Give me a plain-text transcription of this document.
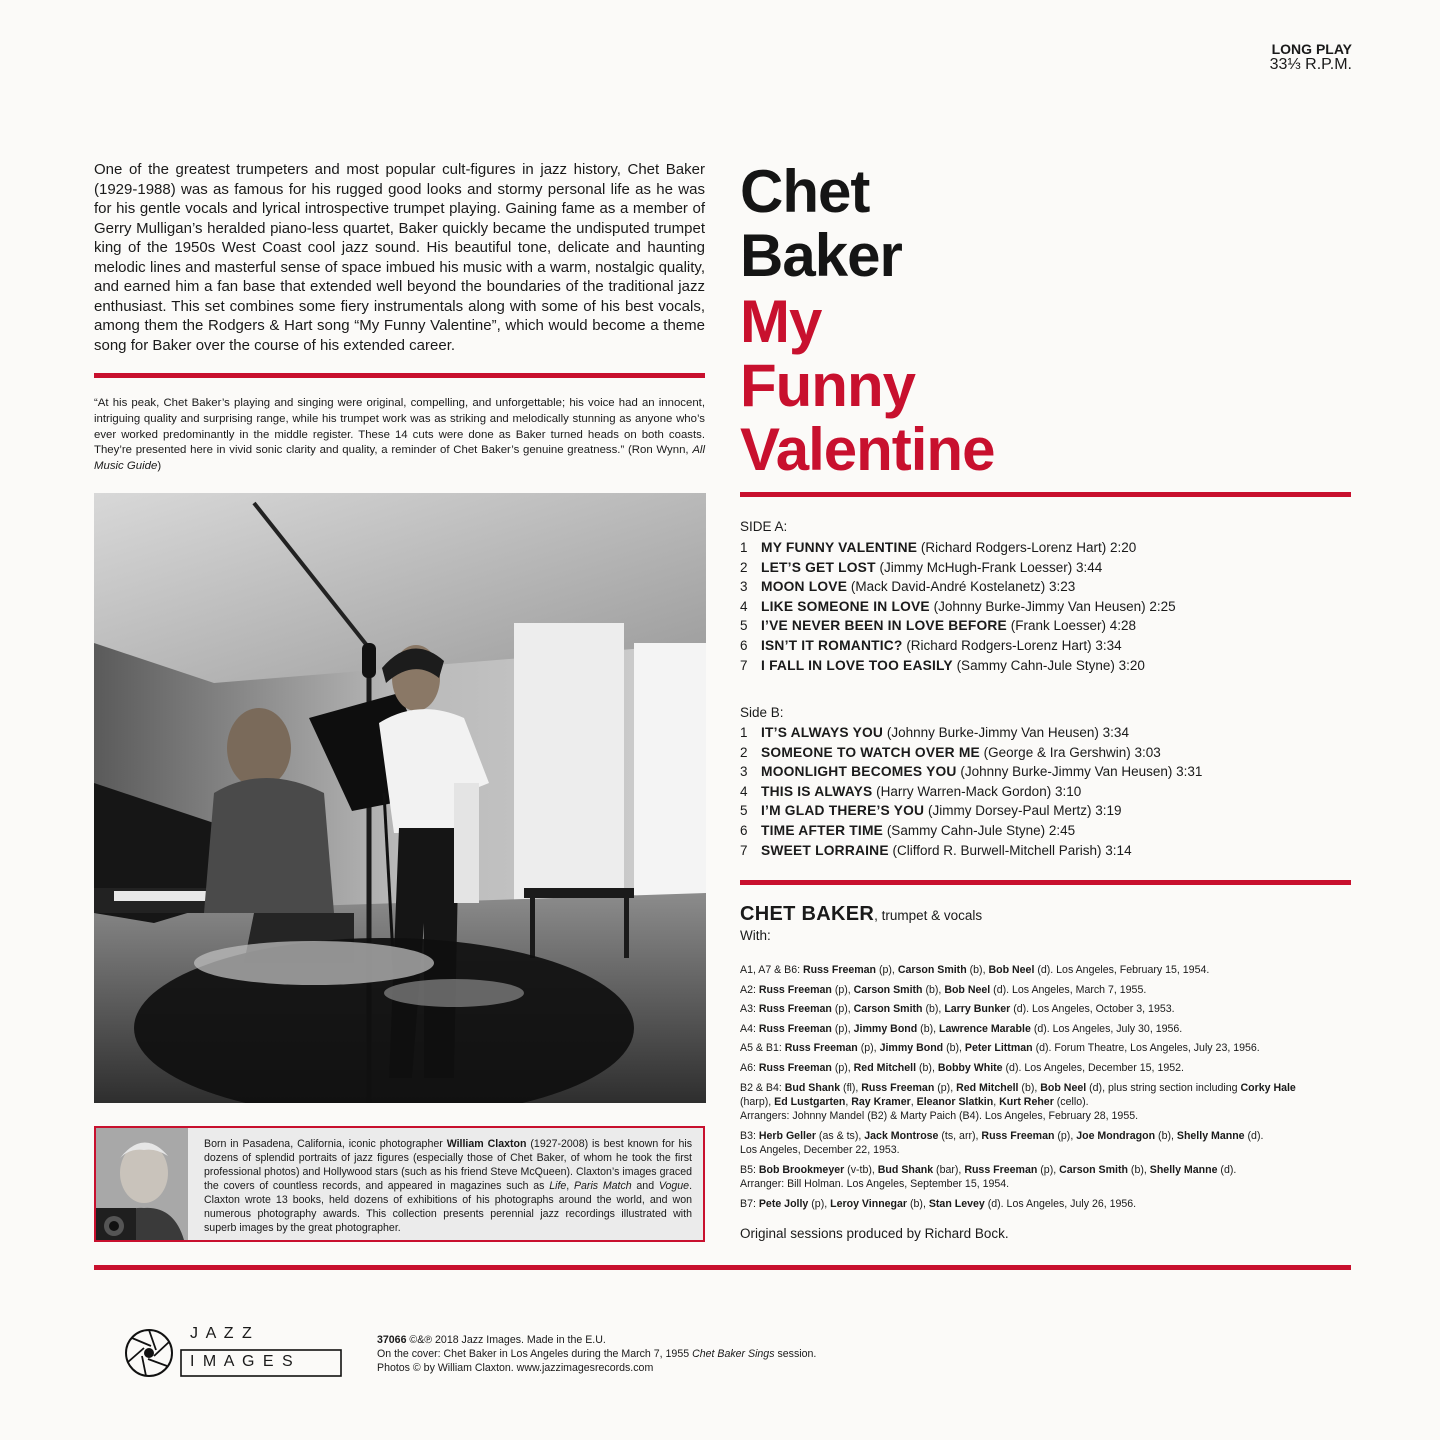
LONG PLAY
33⅓ R.P.M.

One of the greatest trumpeters and most popular cult-figures in jazz history, Chet Baker (1929-1988) was as famous for his rugged good looks and stormy personal life as he was for his gentle vocals and lyrical introspective trumpet playing. Gaining fame as a member of Gerry Mulligan’s heralded piano-less quartet, Baker quickly became the undisputed trumpet king of the 1950s West Coast cool jazz sound. His beautiful tone, delicate and haunting melodic lines and masterful sense of space imbued his music with a warm, nostalgic quality, and earned him a fan base that extended well beyond the boundaries of the traditional jazz enthusiast. This set combines some fiery instrumentals along with some of his best vocals, among them the Rodgers & Hart song “My Funny Valentine”, which would become a theme song for Baker over the course of his extended career.

“At his peak, Chet Baker’s playing and singing were original, compelling, and unforgettable; his voice had an innocent, intriguing quality and surprising range, while his trumpet work was as striking and melodically stunning as anyone who’s ever worked predominantly in the middle register. These 14 cuts were done as Baker turned heads on both coasts. They’re presented here in vivid sonic clarity and quality, a reminder of Chet Baker’s genuine greatness.” (Ron Wynn, All Music Guide)

Born in Pasadena, California, iconic photographer William Claxton (1927-2008) is best known for his dozens of splendid portraits of jazz figures (especially those of Chet Baker, of whom he took the first professional photos) and Hollywood stars (such as his friend Steve McQueen). Claxton’s images graced the covers of countless records, and appeared in magazines such as Life, Paris Match and Vogue. Claxton wrote 13 books, held dozens of exhibitions of his photographs around the world, and won numerous photography awards. This collection presents perennial jazz recordings illustrated with superb images by the great photographer.

Chet
Baker
My
Funny
Valentine
SIDE A:
1 MY FUNNY VALENTINE (Richard Rodgers-Lorenz Hart) 2:20
2 LET’S GET LOST (Jimmy McHugh-Frank Loesser) 3:44
3 MOON LOVE (Mack David-André Kostelanetz) 3:23
4 LIKE SOMEONE IN LOVE (Johnny Burke-Jimmy Van Heusen) 2:25
5 I’VE NEVER BEEN IN LOVE BEFORE (Frank Loesser) 4:28
6 ISN’T IT ROMANTIC? (Richard Rodgers-Lorenz Hart) 3:34
7 I FALL IN LOVE TOO EASILY (Sammy Cahn-Jule Styne) 3:20
Side B:
1 IT’S ALWAYS YOU (Johnny Burke-Jimmy Van Heusen) 3:34
2 SOMEONE TO WATCH OVER ME (George & Ira Gershwin) 3:03
3 MOONLIGHT BECOMES YOU (Johnny Burke-Jimmy Van Heusen) 3:31
4 THIS IS ALWAYS (Harry Warren-Mack Gordon) 3:10
5 I’M GLAD THERE’S YOU (Jimmy Dorsey-Paul Mertz) 3:19
6 TIME AFTER TIME (Sammy Cahn-Jule Styne) 2:45
7 SWEET LORRAINE (Clifford R. Burwell-Mitchell Parish) 3:14
CHET BAKER, trumpet & vocals
With:
A1, A7 & B6: Russ Freeman (p), Carson Smith (b), Bob Neel (d). Los Angeles, February 15, 1954.
A2: Russ Freeman (p), Carson Smith (b), Bob Neel (d). Los Angeles, March 7, 1955.
A3: Russ Freeman (p), Carson Smith (b), Larry Bunker (d). Los Angeles, October 3, 1953.
A4: Russ Freeman (p), Jimmy Bond (b), Lawrence Marable (d). Los Angeles, July 30, 1956.
A5 & B1: Russ Freeman (p), Jimmy Bond (b), Peter Littman (d). Forum Theatre, Los Angeles, July 23, 1956.
A6: Russ Freeman (p), Red Mitchell (b), Bobby White (d). Los Angeles, December 15, 1952.
B2 & B4: Bud Shank (fl), Russ Freeman (p), Red Mitchell (b), Bob Neel (d), plus string section including Corky Hale (harp), Ed Lustgarten, Ray Kramer, Eleanor Slatkin, Kurt Reher (cello).
Arrangers: Johnny Mandel (B2) & Marty Paich (B4). Los Angeles, February 28, 1955.
B3: Herb Geller (as & ts), Jack Montrose (ts, arr), Russ Freeman (p), Joe Mondragon (b), Shelly Manne (d).
Los Angeles, December 22, 1953.
B5: Bob Brookmeyer (v-tb), Bud Shank (bar), Russ Freeman (p), Carson Smith (b), Shelly Manne (d).
Arranger: Bill Holman. Los Angeles, September 15, 1954.
B7: Pete Jolly (p), Leroy Vinnegar (b), Stan Levey (d). Los Angeles, July 26, 1956.
Original sessions produced by Richard Bock.
J A Z Z
I M A G E S
37066 ©&℗ 2018 Jazz Images. Made in the E.U.
On the cover: Chet Baker in Los Angeles during the March 7, 1955 Chet Baker Sings session.
Photos © by William Claxton. www.jazzimagesrecords.com
